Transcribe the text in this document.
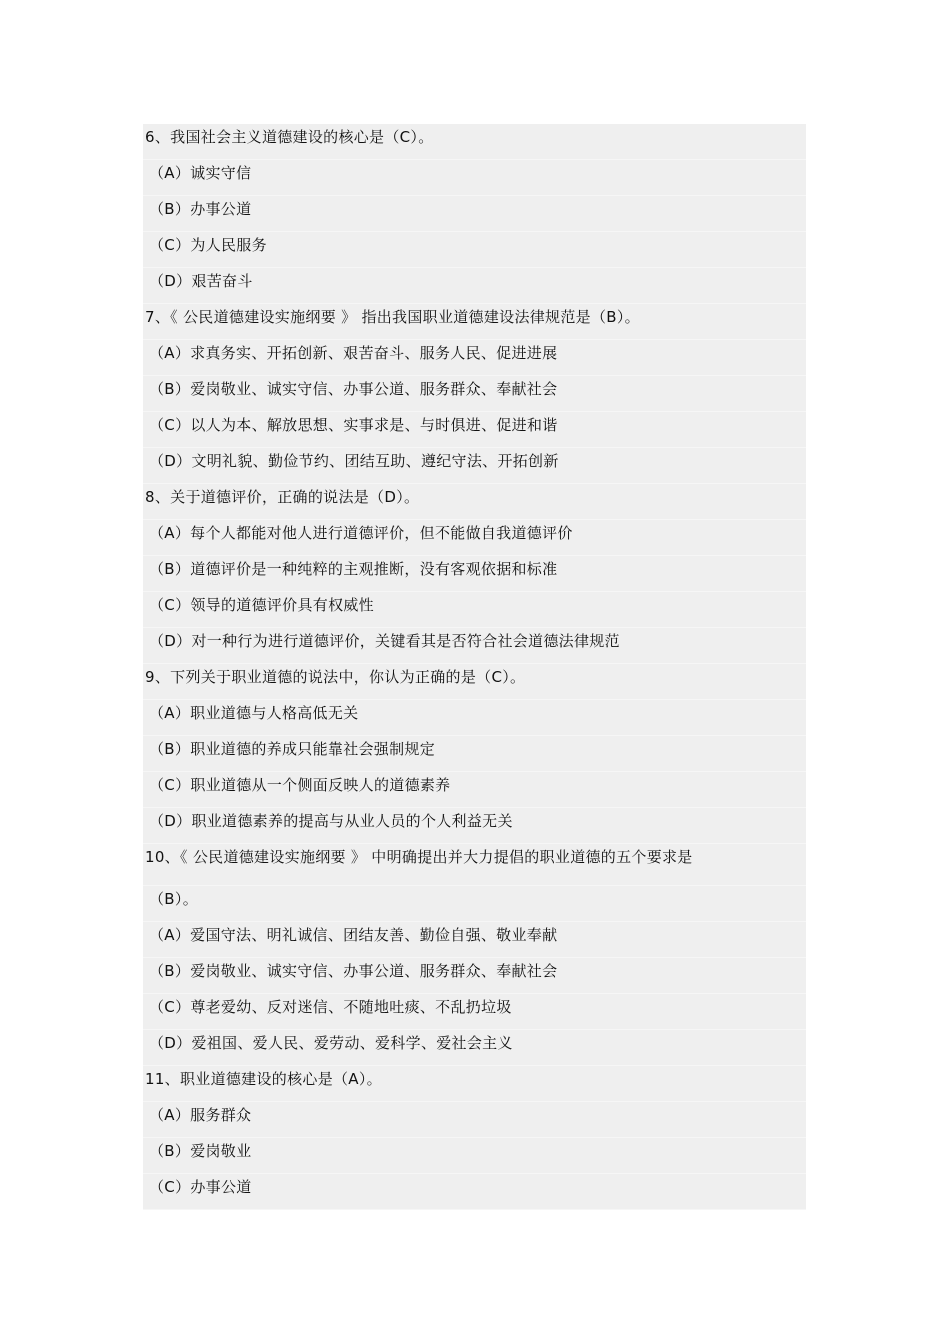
6、我国社会主义道德建设的核心是（C）。
（A）诚实守信
（B）办事公道
（C）为人民服务
（D）艰苦奋斗
7、《 公民道德建设实施纲要 》 指出我国职业道德建设法律规范是（B）。
（A）求真务实、开拓创新、艰苦奋斗、服务人民、促进进展
（B）爱岗敬业、诚实守信、办事公道、服务群众、奉献社会
（C）以人为本、解放思想、实事求是、与时俱进、促进和谐
（D）文明礼貌、勤俭节约、团结互助、遵纪守法、开拓创新
8、关于道德评价，正确的说法是（D）。
（A）每个人都能对他人进行道德评价，但不能做自我道德评价
（B）道德评价是一种纯粹的主观推断，没有客观依据和标准
（C）领导的道德评价具有权威性
（D）对一种行为进行道德评价，关键看其是否符合社会道德法律规范
9、下列关于职业道德的说法中，你认为正确的是（C）。
（A）职业道德与人格高低无关
（B）职业道德的养成只能靠社会强制规定
（C）职业道德从一个侧面反映人的道德素养
（D）职业道德素养的提高与从业人员的个人利益无关
10、《 公民道德建设实施纲要 》 中明确提出并大力提倡的职业道德的五个要求是
（B）。
（A）爱国守法、明礼诚信、团结友善、勤俭自强、敬业奉献
（B）爱岗敬业、诚实守信、办事公道、服务群众、奉献社会
（C）尊老爱幼、反对迷信、不随地吐痰、不乱扔垃圾
（D）爱祖国、爱人民、爱劳动、爱科学、爱社会主义
11、职业道德建设的核心是（A）。
（A）服务群众
（B）爱岗敬业
（C）办事公道
